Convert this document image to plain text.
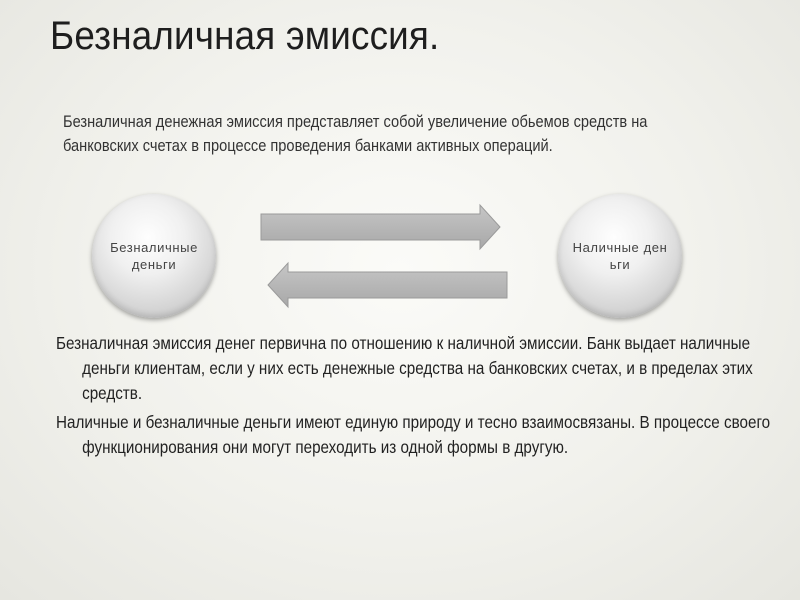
Безналичная эмиссия.
Безналичная денежная эмиссия представляет собой увеличение обьемов средств на банковских счетах в процессе проведения банками активных операций.
Безналичные деньги
Наличные деньги

Безналичная эмиссия денег первична по отношению к наличной эмиссии. Банк выдает наличные деньги клиентам, если у них есть денежные средства на банковских счетах, и в пределах этих средств.

Наличные и безналичные деньги имеют единую природу и тесно взаимосвязаны. В процессе своего функционирования они могут переходить из одной формы в другую.
